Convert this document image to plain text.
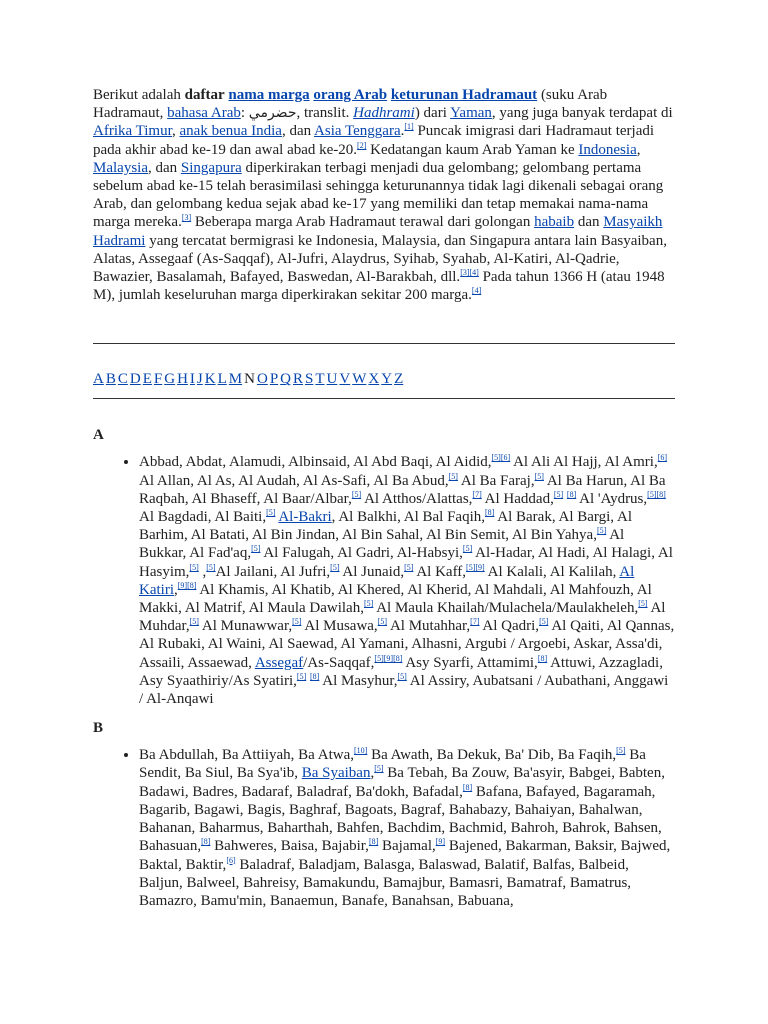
Berikut adalah daftar nama marga orang Arab keturunan Hadramaut (suku Arab Hadramaut, bahasa Arab: حضرمي, translit. Hadhrami) dari Yaman, yang juga banyak terdapat di Afrika Timur, anak benua India, dan Asia Tenggara.[1] Puncak imigrasi dari Hadramaut terjadi pada akhir abad ke-19 dan awal abad ke-20.[2] Kedatangan kaum Arab Yaman ke Indonesia, Malaysia, dan Singapura diperkirakan terbagi menjadi dua gelombang; gelombang pertama sebelum abad ke-15 telah berasimilasi sehingga keturunannya tidak lagi dikenali sebagai orang Arab, dan gelombang kedua sejak abad ke-17 yang memiliki dan tetap memakai nama-nama marga mereka.[3] Beberapa marga Arab Hadramaut terawal dari golongan habaib dan Masyaikh Hadrami yang tercatat bermigrasi ke Indonesia, Malaysia, dan Singapura antara lain Basyaiban, Alatas, Assegaaf (As-Saqqaf), Al-Jufri, Alaydrus, Syihab, Syahab, Al-Katiri, Al-Qadrie, Bawazier, Basalamah, Bafayed, Baswedan, Al-Barakbah, dll.[3][4] Pada tahun 1366 H (atau 1948 M), jumlah keseluruhan marga diperkirakan sekitar 200 marga.[4]

A B C D E F G H I J K L M N O P Q R S T U V W X Y Z
A
• Abbad, Abdat, Alamudi, Albinsaid, Al Abd Baqi, Al Aidid,[5][6] Al Ali Al Hajj, Al Amri,[6] Al Allan, Al As, Al Audah, Al As-Safi, Al Ba Abud,[5] Al Ba Faraj,[5] Al Ba Harun, Al Ba Raqbah, Al Bhaseff, Al Baar/Albar,[5] Al Atthos/Alattas,[7] Al Haddad,[5] [8] Al 'Aydrus,[5][8] Al Bagdadi, Al Baiti,[5] Al-Bakri, Al Balkhi, Al Bal Faqih,[8] Al Barak, Al Bargi, Al Barhim, Al Batati, Al Bin Jindan, Al Bin Sahal, Al Bin Semit, Al Bin Yahya,[5] Al Bukkar, Al Fad'aq,[5] Al Falugah, Al Gadri, Al-Habsyi,[5] Al-Hadar, Al Hadi, Al Halagi, Al Hasyim,[5] ,[5]Al Jailani, Al Jufri,[5] Al Junaid,[5] Al Kaff,[5][9] Al Kalali, Al Kalilah, Al Katiri,[9][8] Al Khamis, Al Khatib, Al Khered, Al Kherid, Al Mahdali, Al Mahfouzh, Al Makki, Al Matrif, Al Maula Dawilah,[5] Al Maula Khailah/Mulachela/Maulakheleh,[5] Al Muhdar,[5] Al Munawwar,[5] Al Musawa,[5] Al Mutahhar,[7] Al Qadri,[5] Al Qaiti, Al Qannas, Al Rubaki, Al Waini, Al Saewad, Al Yamani, Alhasni, Argubi / Argoebi, Askar, Assa'di, Assaili, Assaewad, Assegaf/As-Saqqaf,[5][9][8] Asy Syarfi, Attamimi,[8] Attuwi, Azzagladi, Asy Syaathiriy/As Syatiri,[5] [8] Al Masyhur,[5] Al Assiry, Aubatsani / Aubathani, Anggawi / Al-Anqawi
B
• Ba Abdullah, Ba Attiiyah, Ba Atwa,[10] Ba Awath, Ba Dekuk, Ba' Dib, Ba Faqih,[5] Ba Sendit, Ba Siul, Ba Sya'ib, Ba Syaiban,[5] Ba Tebah, Ba Zouw, Ba'asyir, Babgei, Babten, Badawi, Badres, Badaraf, Baladraf, Ba'dokh, Bafadal,[8] Bafana, Bafayed, Bagaramah, Bagarib, Bagawi, Bagis, Baghraf, Bagoats, Bagraf, Bahabazy, Bahaiyan, Bahalwan, Bahanan, Baharmus, Baharthah, Bahfen, Bachdim, Bachmid, Bahroh, Bahrok, Bahsen, Bahasuan,[8] Bahweres, Baisa, Bajabir,[8] Bajamal,[9] Bajened, Bakarman, Baksir, Bajwed, Baktal, Baktir,[6] Baladraf, Baladjam, Balasga, Balaswad, Balatif, Balfas, Balbeid, Baljun, Balweel, Bahreisy, Bamakundu, Bamajbur, Bamasri, Bamatraf, Bamatrus, Bamazro, Bamu'min, Banaemun, Banafe, Banahsan, Babuana,
